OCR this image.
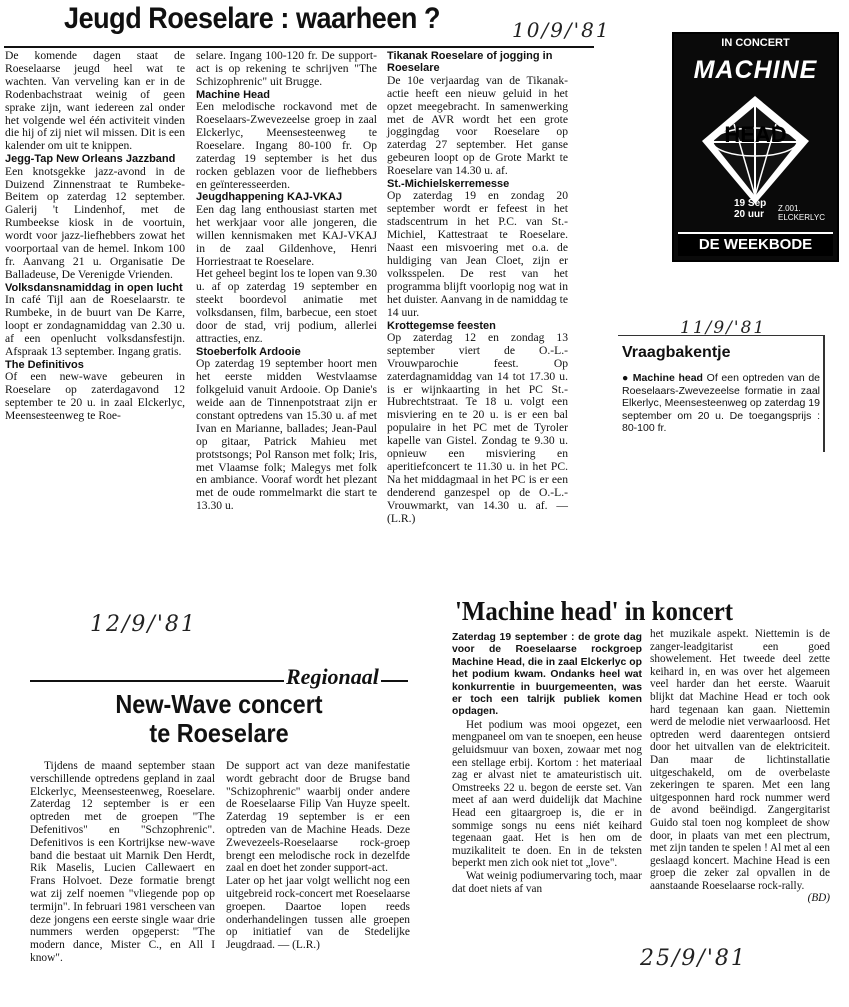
Jeugd Roeselare : waarheen ?	10/9/'81

De komende dagen staat de Roeselaarse jeugd heel wat te wachten. Van verveling kan er in de Rodenbachstraat weinig of geen sprake zijn, want iedereen zal onder het volgende wel één activiteit vinden die hij of zij niet wil missen. Dit is een kalender om uit te knippen.

Jegg-Tap New Orleans Jazzband

Een knotsgekke jazz-avond in de Duizend Zinnenstraat te Rumbeke-Beitem op zaterdag 12 september. Galerij 't Lindenhof, met de Rumbeekse kiosk in de voortuin, wordt voor jazz-liefhebbers zowat het voorportaal van de hemel. Inkom 100 fr. Aanvang 21 u. Organisatie De Balladeuse, De Verenigde Vrienden.

Volksdansnamiddag in open lucht

In café Tijl aan de Roeselaarstr. te Rumbeke, in de buurt van De Karre, loopt er zondagnamiddag van 2.30 u. af een openlucht volksdansfestijn. Afspraak 13 september. Ingang gratis.

The Definitivos

Of een new-wave gebeuren in Roeselare op zaterdagavond 12 september te 20 u. in zaal Elckerlyc, Meensesteenweg te Roe-

selare. Ingang 100-120 fr. De support-act is op rekening te schrijven "The Schizophrenic" uit Brugge.

Machine Head

Een melodische rockavond met de Roeselaars-Zwevezeelse groep in zaal Elckerlyc, Meensesteenweg te Roeselare. Ingang 80-100 fr. Op zaterdag 19 september is het dus rocken geblazen voor de liefhebbers en geïnteresseerden.

Jeugdhappening KAJ-VKAJ

Een dag lang enthousiast starten met het werkjaar voor alle jongeren, die willen kennismaken met KAJ-VKAJ in de zaal Gildenhove, Henri Horriestraat te Roeselare.

Het geheel begint los te lopen van 9.30 u. af op zaterdag 19 september en steekt boordevol animatie met volksdansen, film, barbecue, een stoet door de stad, vrij podium, allerlei attracties, enz.

Stoeberfolk Ardooie

Op zaterdag 19 september hoort men het eerste midden Westvlaamse folkgeluid vanuit Ardooie. Op Danie's weide aan de Tinnenpotstraat zijn er constant optredens van 15.30 u. af met Ivan en Marianne, ballades; Jean-Paul op gitaar, Patrick Mahieu met protstsongs; Pol Ranson met folk; Iris, met Vlaamse folk; Malegys met folk en ambiance. Vooraf wordt het plezant met de oude rommelmarkt die start te 13.30 u.

Tikanak Roeselare of jogging in Roeselare

De 10e verjaardag van de Tikanak-actie heeft een nieuw geluid in het opzet meegebracht. In samenwerking met de AVR wordt het een grote joggingdag voor Roeselare op zaterdag 27 september. Het ganse gebeuren loopt op de Grote Markt te Roeselare van 14.30 u. af.

St.-Michielskerremesse

Op zaterdag 19 en zondag 20 september wordt er fefeest in het stadscentrum in het P.C. van St.-Michiel, Kattestraat te Roeselare. Naast een misvoering met o.a. de huldiging van Jean Cloet, zijn er volksspelen. De rest van het programma blijft voorlopig nog wat in het duister. Aanvang in de namiddag te 14 uur.

Krottegemse feesten

Op zaterdag 12 en zondag 13 september viert de O.-L.-Vrouwparochie feest. Op zaterdagnamiddag van 14 tot 17.30 u. is er wijnkaarting in het PC St.-Hubrechtstraat. Te 18 u. volgt een misviering en te 20 u. is er een bal populaire in het PC met de Tyroler kapelle van Gistel. Zondag te 9.30 u. opnieuw een misviering en aperitiefconcert te 11.30 u. in het PC. Na het middagmaal in het PC is er een denderend ganzespel op de O.-L.-Vrouwmarkt, van 14.30 u. af. — (L.R.)

IN CONCERT
MACHINE
HEAD
19 Sep
20 uur
Z.001. ELCKERLYC
DE WEEKBODE
11/9/'81
Vraagbakentje
● Machine head Of een optreden van de Roeselaars-Zwevezeelse formatie in zaal Elkerlyc, Meensesteenweg op zaterdag 19 september om 20 u. De toegangsprijs : 80-100 fr.
12/9/'81
Regionaal
New-Wave concert
te Roeselare

Tijdens de maand september staan verschillende optredens gepland in zaal Elckerlyc, Meensesteenweg, Roeselare. Zaterdag 12 september is er een optreden met de groepen "The Defenitivos" en "Schzophrenic". Defenitivos is een Kortrijkse new-wave band die bestaat uit Marnik Den Herdt, Rik Maselis, Lucien Callewaert en Frans Holvoet. Deze formatie brengt wat zij zelf noemen "vliegende pop op termijn". In februari 1981 verscheen van deze jongens een eerste single waar drie nummers werden opgeperst: "The modern dance, Mister C., en All I know".

De support act van deze manifestatie wordt gebracht door de Brugse band "Schizophrenic" waarbij onder andere de Roeselaarse Filip Van Huyze speelt. Zaterdag 19 september is er een optreden van de Machine Heads. Deze Zwevezeels-Roeselaarse rock-groep brengt een melodische rock in dezelfde zaal en doet het zonder support-act.

Later op het jaar volgt wellicht nog een uitgebreid rock-concert met Roeselaarse groepen. Daartoe lopen reeds onderhandelingen tussen alle groepen op initiatief van de Stedelijke Jeugdraad. — (L.R.)

'Machine head' in koncert

Zaterdag 19 september : de grote dag voor de Roeselaarse rockgroep Machine Head, die in zaal Elckerlyc op het podium kwam. Ondanks heel wat konkurrentie in buurgemeenten, was er toch een talrijk publiek komen opdagen.

Het podium was mooi opgezet, een mengpaneel om van te snoepen, een heuse geluidsmuur van boxen, zowaar met nog een stellage erbij. Kortom : het materiaal zag er alvast niet te amateuristisch uit. Omstreeks 22 u. begon de eerste set. Van meet af aan werd duidelijk dat Machine Head een gitaargroep is, die er in sommige songs nu eens niét keihard tegenaan gaat. Het is hen om de muzikaliteit te doen. En in de teksten beperkt men zich ook niet tot „love".

Wat weinig podiumervaring toch, maar dat doet niets af van

het muzikale aspekt. Niettemin is de zanger-leadgitarist een goed showelement. Het tweede deel zette keihard in, en was over het algemeen veel harder dan het eerste. Waaruit blijkt dat Machine Head er toch ook hard tegenaan kan gaan. Niettemin werd de melodie niet verwaarloosd. Het optreden werd daarentegen ontsierd door het uitvallen van de elektriciteit. Dan maar de lichtinstallatie uitgeschakeld, om de overbelaste zekeringen te sparen. Met een lang uitgesponnen hard rock nummer werd de avond beëindigd. Zangergitarist Guido stal toen nog kompleet de show door, in plaats van met een plectrum, met zijn tanden te spelen ! Al met al een geslaagd koncert. Machine Head is een groep die zeker zal opvallen in de aanstaande Roeselaarse rock-rally.

(BD)

25/9/'81
